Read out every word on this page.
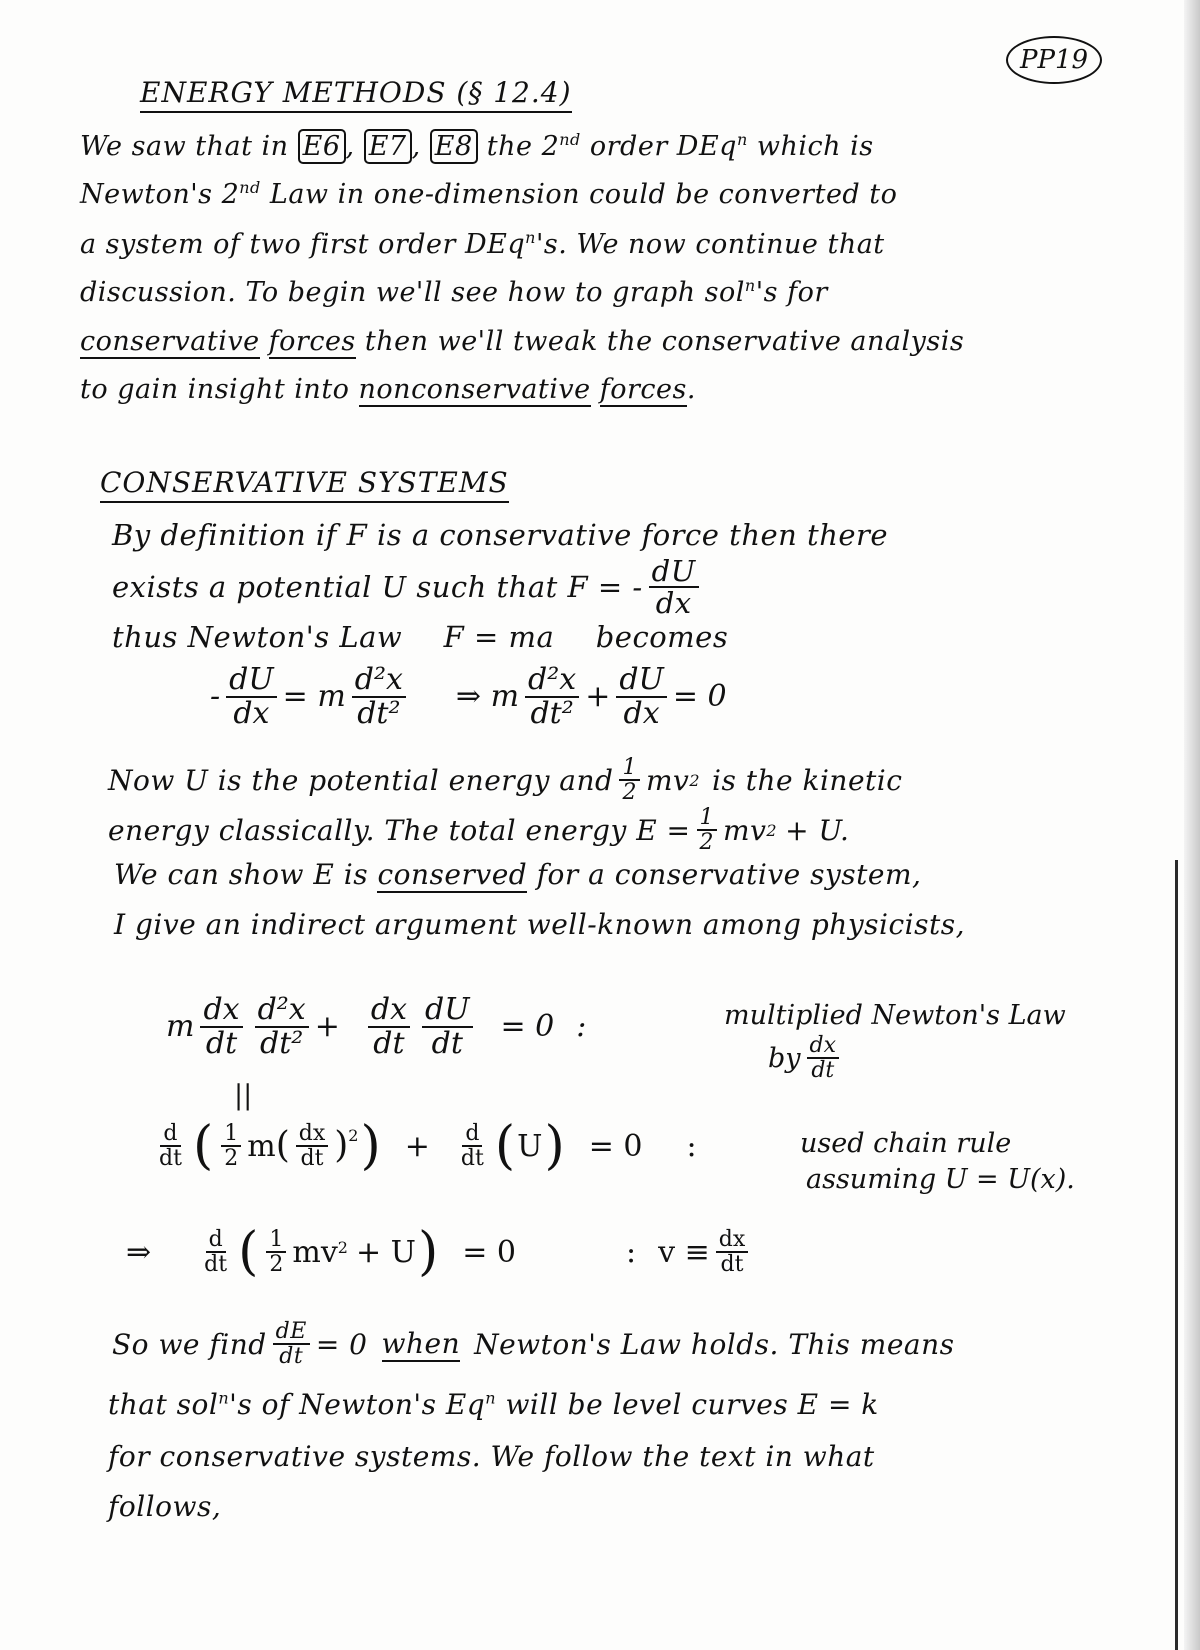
PP19
ENERGY METHODS (§ 12.4)
We saw that in E6 , E7 , E8 the 2nd order DEq$^n$ which is
Newton's 2nd Law in one-dimension could be converted to
a system of two first order DEq$^n$'s. We now continue that
discussion. To begin we'll see how to graph sol$^n$'s for
conservative forces then we'll tweak the conservative analysis
to gain insight into nonconservative forces.
CONSERVATIVE SYSTEMS
By definition if F is a conservative force then there
exists a potential U such that F = - $\frac{dU}{dx}$
thus Newton's Law F = ma becomes
- $\frac{dU}{dx} = m \frac{\text{d²x}}{\text{dt²}}$ ⇒ m $\frac{\text{d²x}}{\text{dt²}} + \frac{dU}{dx} = 0$
Now U is the potential energy and $\frac{1}{2}$ mv 2 is the kinetic
energy classically. The total energy $E = \frac{1}{2}$ mv 2 + U.
We can show E is conserved for a conservative system,
I give an indirect argument well-known among physicists,
m $\frac{dx}{dt} \frac{\text{d²x}}{\text{dt²}} + \frac{dx}{dt} \frac{dU}{dt} = 0$ :	multiplied Newton's Law
by $\frac{dx}{dt}$
||
$\frac{d}{dt}$ ( $\frac{1}{2}$ m ( $\frac{dx}{dt} )^2$ ) + $\frac{d}{dt}$ ( U ) = 0 :	used chain rule
assuming U = U(x).
⇒ $\frac{d}{dt}$ ( $\frac{1}{2}$ mv 2 + U ) = 0	: $v \equiv \frac{dx}{dt}$
So we find $\frac{dE}{dt} = 0$ when Newton's Law holds. This means
that sol$^n$'s of Newton's Eq$^n$ will be level curves E = k
for conservative systems. We follow the text in what
follows,
